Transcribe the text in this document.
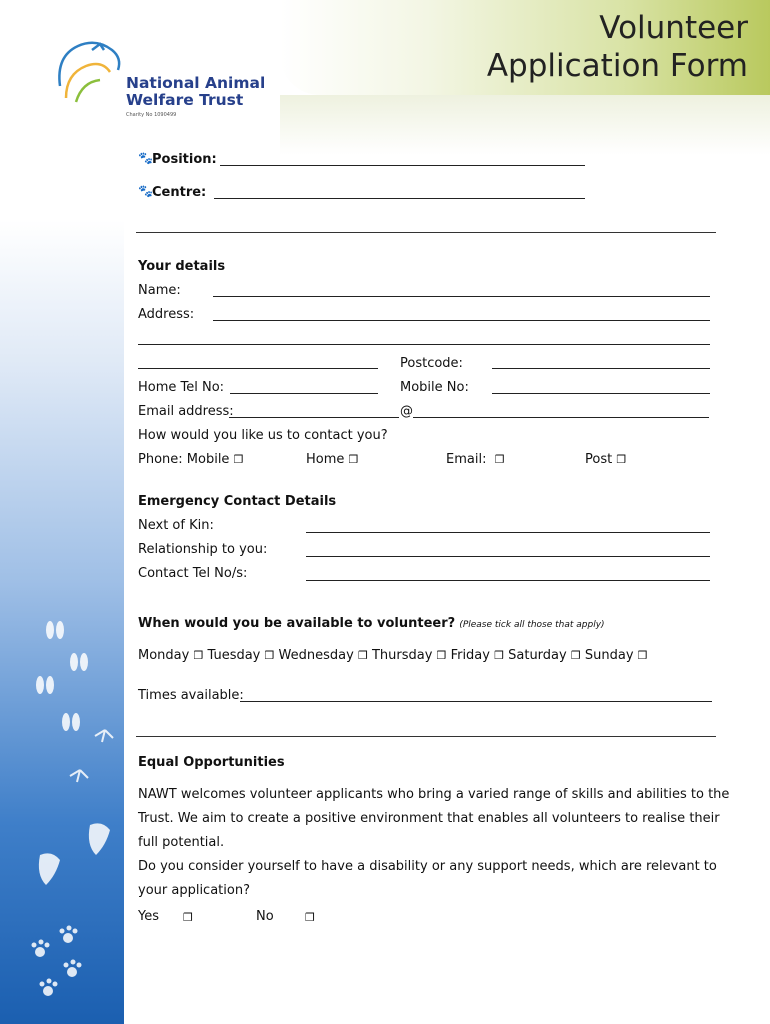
National Animal
Welfare Trust
Charity No 1090499
Volunteer
Application Form
🐾 Position:
🐾 Centre:
Your details
Name:
Address:
Postcode:
Home Tel No:	Mobile No:
Email address:	@
How would you like us to contact you?
Phone: Mobile ❒	Home ❒	Email: ❒	Post ❒
Emergency Contact Details
Next of Kin:
Relationship to you:
Contact Tel No/s:
When would you be available to volunteer? (Please tick all those that apply)
Monday ❒ Tuesday ❒ Wednesday ❒ Thursday ❒ Friday ❒ Saturday ❒ Sunday ❒
Times available:
Equal Opportunities
NAWT welcomes volunteer applicants who bring a varied range of skills and abilities to the
Trust. We aim to create a positive environment that enables all volunteers to realise their
full potential.
Do you consider yourself to have a disability or any support needs, which are relevant to
your application?
Yes ❒	No	❒
